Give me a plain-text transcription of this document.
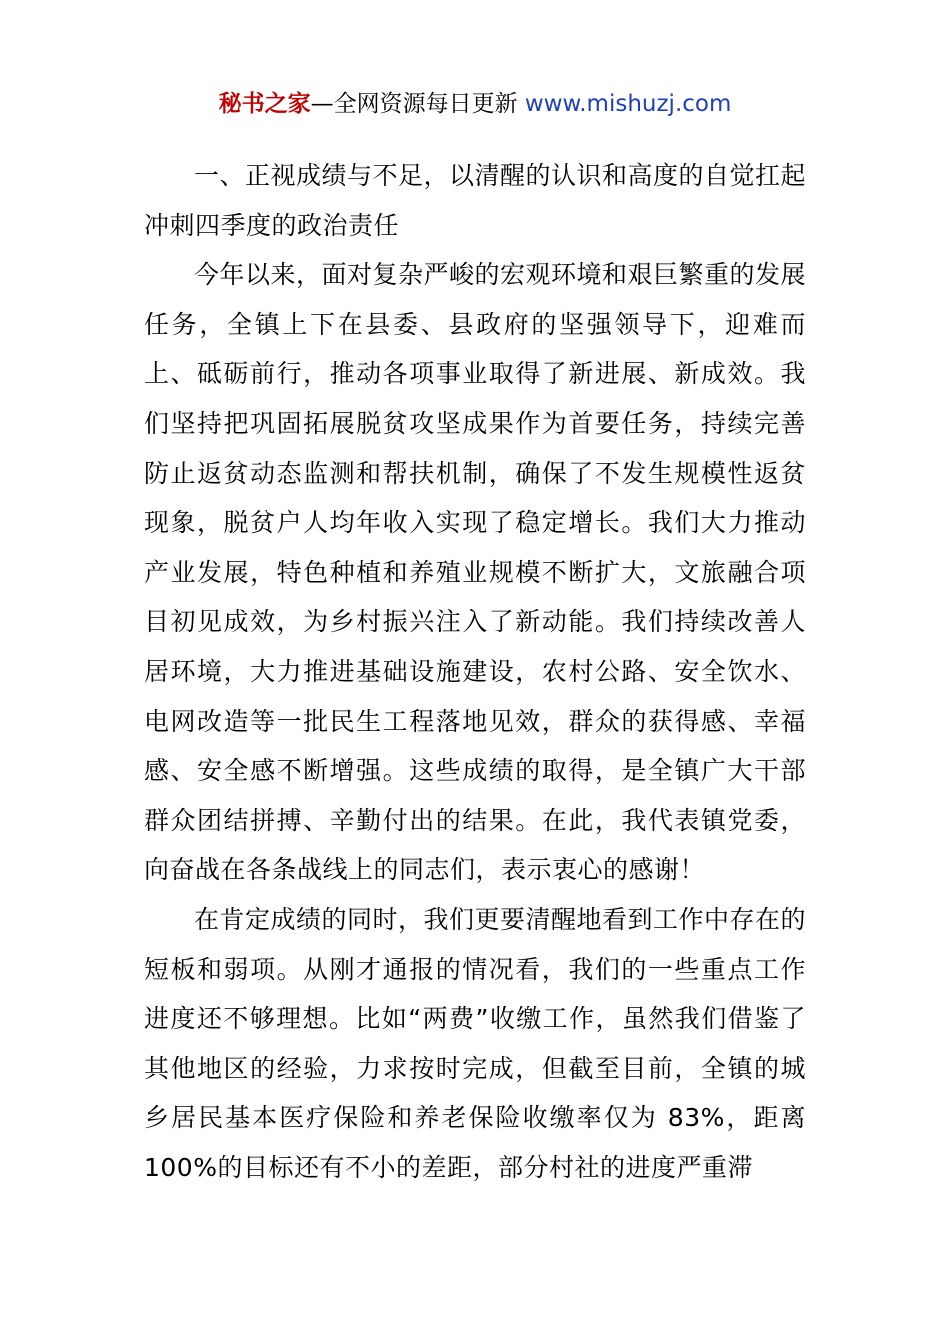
秘书之家—全网资源每日更新 www.mishuzj.com

一、正视成绩与不足，以清醒的认识和高度的自觉扛起冲刺四季度的政治责任

今年以来，面对复杂严峻的宏观环境和艰巨繁重的发展任务，全镇上下在县委、县政府的坚强领导下，迎难而上、砥砺前行，推动各项事业取得了新进展、新成效。我们坚持把巩固拓展脱贫攻坚成果作为首要任务，持续完善防止返贫动态监测和帮扶机制，确保了不发生规模性返贫现象，脱贫户人均年收入实现了稳定增长。我们大力推动产业发展，特色种植和养殖业规模不断扩大，文旅融合项目初见成效，为乡村振兴注入了新动能。我们持续改善人居环境，大力推进基础设施建设，农村公路、安全饮水、电网改造等一批民生工程落地见效，群众的获得感、幸福感、安全感不断增强。这些成绩的取得，是全镇广大干部群众团结拼搏、辛勤付出的结果。在此，我代表镇党委，向奋战在各条战线上的同志们，表示衷心的感谢！

在肯定成绩的同时，我们更要清醒地看到工作中存在的短板和弱项。从刚才通报的情况看，我们的一些重点工作进度还不够理想。比如“两费”收缴工作，虽然我们借鉴了其他地区的经验，力求按时完成，但截至目前，全镇的城乡居民基本医疗保险和养老保险收缴率仅为 83%，距离 100%的目标还有不小的差距，部分村社的进度严重滞
